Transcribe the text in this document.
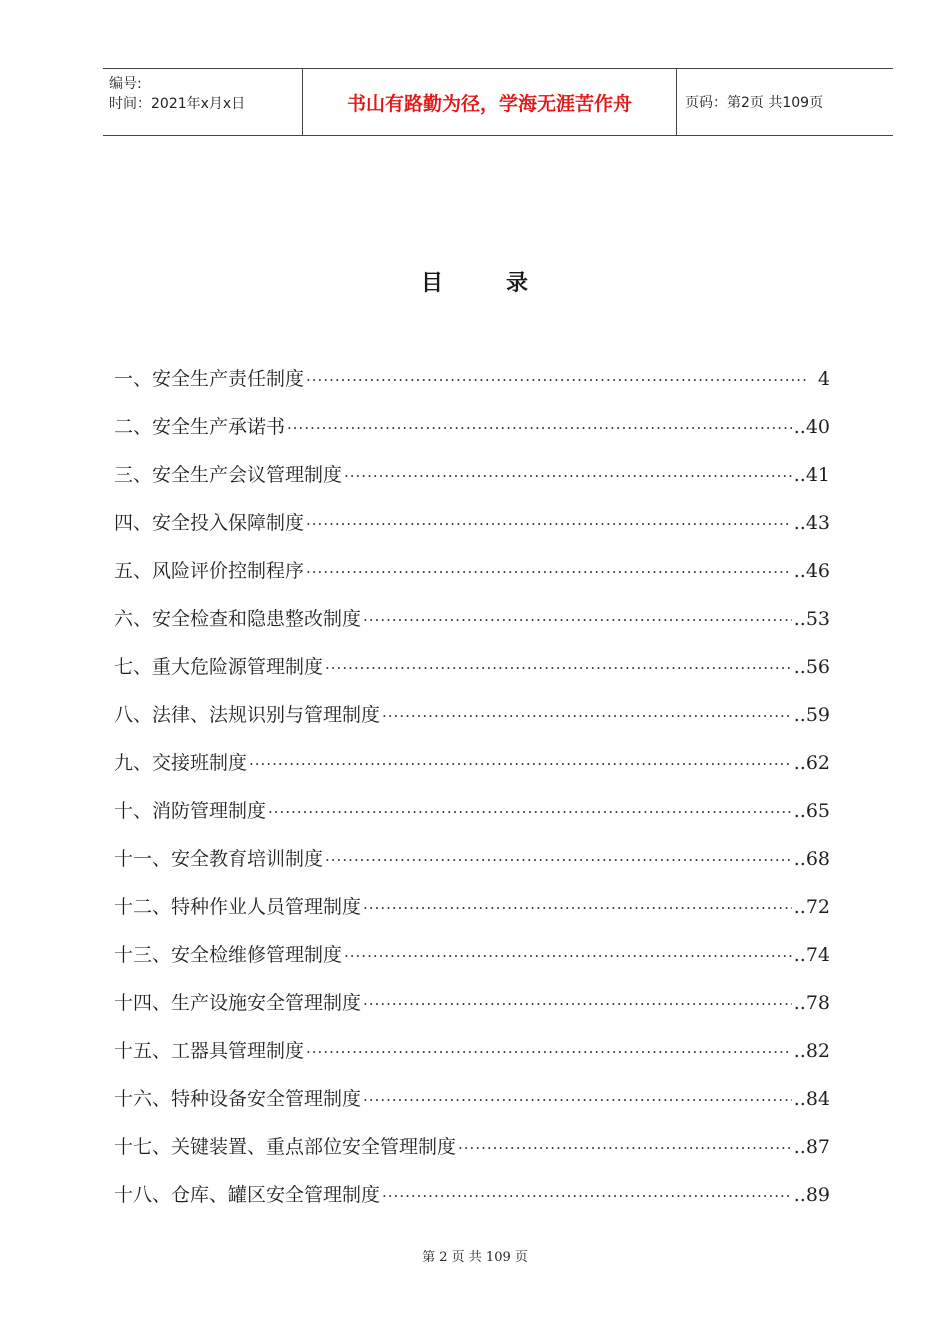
编号:
时间：2021年x月x日	书山有路勤为径，学海无涯苦作舟	页码：第2页 共109页
目	录
一、安全生产责任制度 ·····	4
二、安全生产承诺书 ·····	..40
三、安全生产会议管理制度 ·····	..41
四、安全投入保障制度 ·····	..43
五、风险评价控制程序 ·····	..46
六、安全检查和隐患整改制度 ·····	..53
七、重大危险源管理制度 ·····	..56
八、法律、法规识别与管理制度 ·····	..59
九、交接班制度 ·····	..62
十、消防管理制度 ·····	..65
十一、安全教育培训制度 ·····	..68
十二、特种作业人员管理制度 ·····	..72
十三、安全检维修管理制度 ·····	..74
十四、生产设施安全管理制度 ·····	..78
十五、工器具管理制度 ·····	..82
十六、特种设备安全管理制度 ·····	..84
十七、关键装置、重点部位安全管理制度 ·····	..87
十八、仓库、罐区安全管理制度 ·····	..89
第 2 页 共 109 页
